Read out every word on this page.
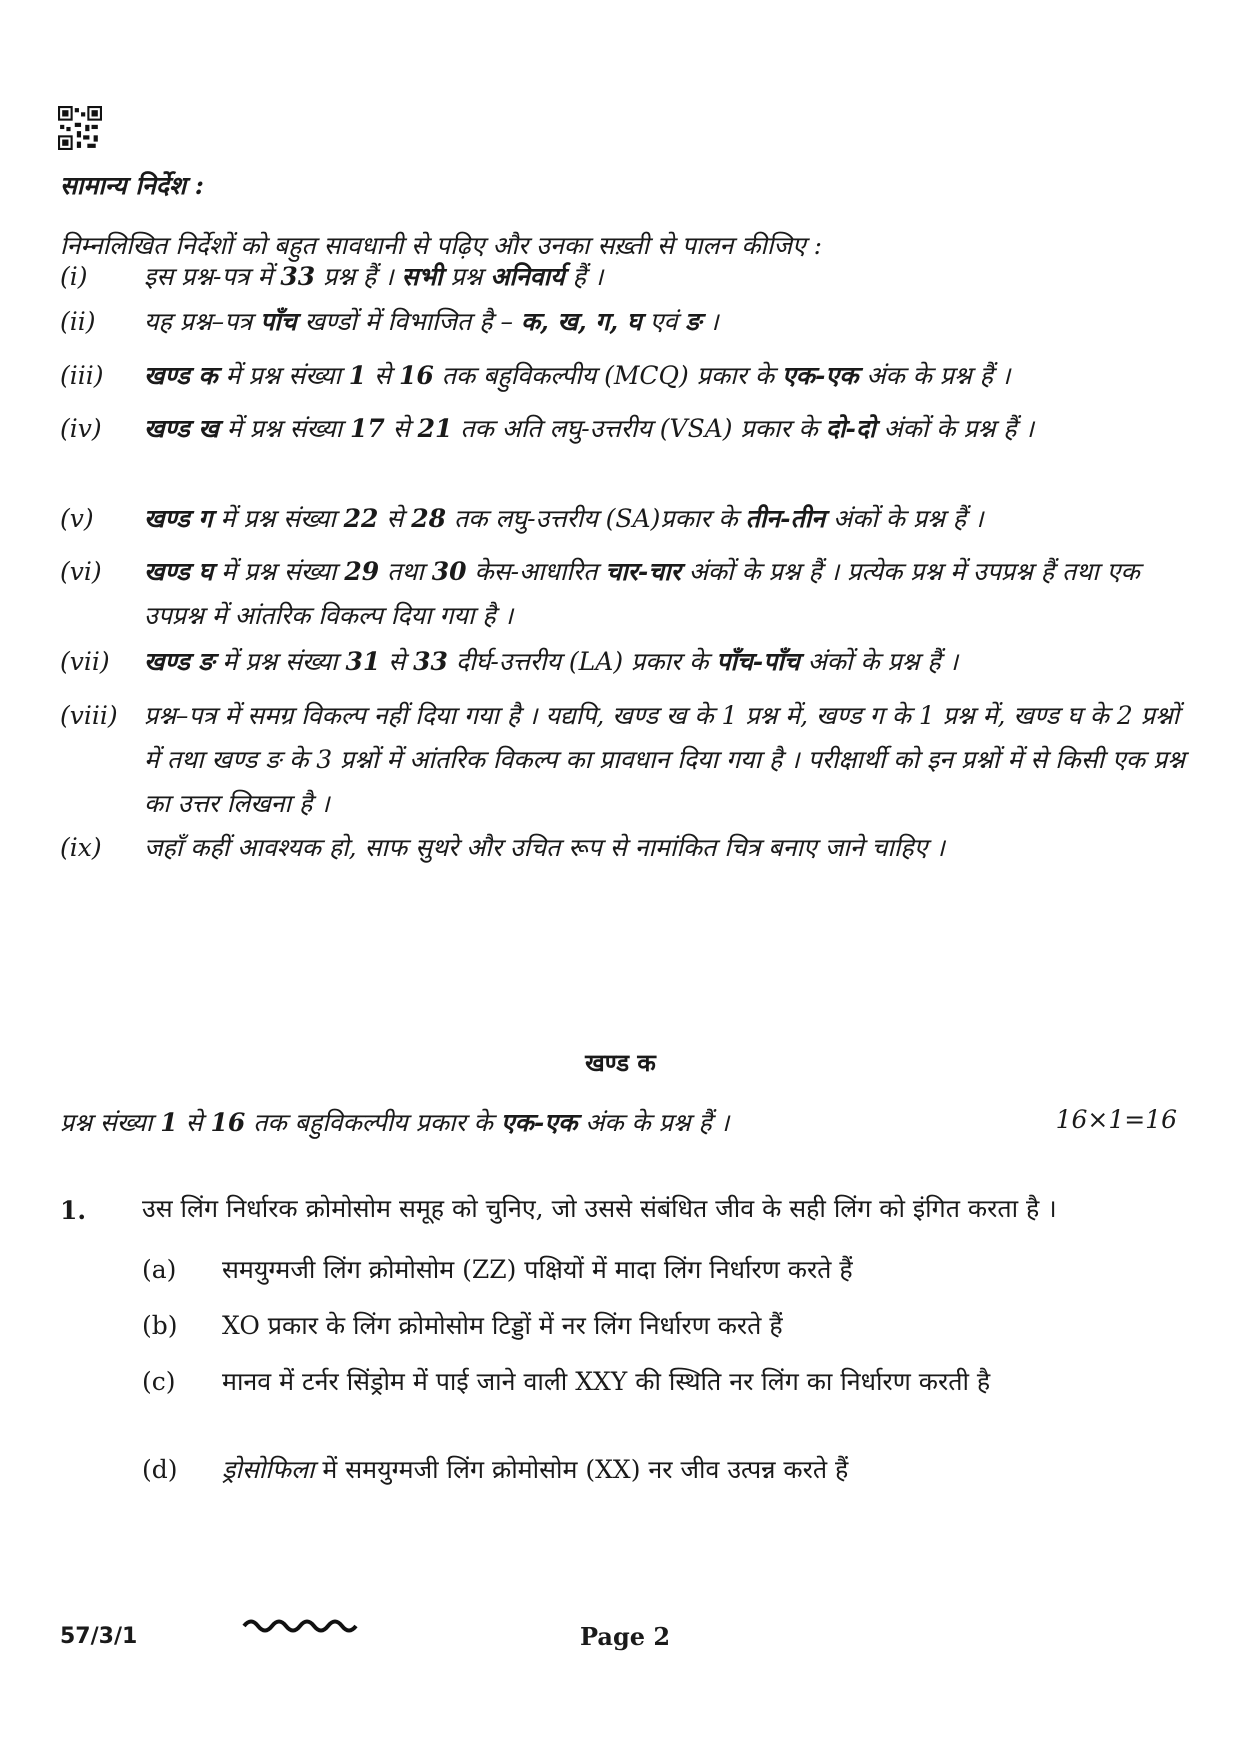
सामान्य निर्देश :
निम्नलिखित निर्देशों को बहुत सावधानी से पढ़िए और उनका सख़्ती से पालन कीजिए :
(i)	इस प्रश्न-पत्र में 33 प्रश्न हैं । सभी प्रश्न अनिवार्य हैं ।
(ii)	यह प्रश्न–पत्र पाँच खण्डों में विभाजित है – क, ख, ग, घ एवं ङ ।
(iii)	खण्ड क में प्रश्न संख्या 1 से 16 तक बहुविकल्पीय (MCQ) प्रकार के एक-एक अंक के प्रश्न हैं ।
(iv)	खण्ड ख में प्रश्न संख्या 17 से 21 तक अति लघु-उत्तरीय (VSA) प्रकार के दो-दो अंकों के प्रश्न हैं ।
(v)	खण्ड ग में प्रश्न संख्या 22 से 28 तक लघु-उत्तरीय (SA)प्रकार के तीन-तीन अंकों के प्रश्न हैं ।
(vi)	खण्ड घ में प्रश्न संख्या 29 तथा 30 केस-आधारित चार-चार अंकों के प्रश्न हैं । प्रत्येक प्रश्न में उपप्रश्न हैं तथा एक उपप्रश्न में आंतरिक विकल्प दिया गया है ।
(vii)	खण्ड ङ में प्रश्न संख्या 31 से 33 दीर्घ-उत्तरीय (LA) प्रकार के पाँच-पाँच अंकों के प्रश्न हैं ।
(viii)	प्रश्न–पत्र में समग्र विकल्प नहीं दिया गया है । यद्यपि, खण्ड ख के 1 प्रश्न में, खण्ड ग के 1 प्रश्न में, खण्ड घ के 2 प्रश्नों में तथा खण्ड ङ के 3 प्रश्नों में आंतरिक विकल्प का प्रावधान दिया गया है । परीक्षार्थी को इन प्रश्नों में से किसी एक प्रश्न का उत्तर लिखना है ।
(ix)	जहाँ कहीं आवश्यक हो, साफ सुथरे और उचित रूप से नामांकित चित्र बनाए जाने चाहिए ।
खण्ड क
प्रश्न संख्या 1 से 16 तक बहुविकल्पीय प्रकार के एक-एक अंक के प्रश्न हैं ।	16×1=16
1. उस लिंग निर्धारक क्रोमोसोम समूह को चुनिए, जो उससे संबंधित जीव के सही लिंग को इंगित करता है ।
(a) समयुग्मजी लिंग क्रोमोसोम (ZZ) पक्षियों में मादा लिंग निर्धारण करते हैं
(b) XO प्रकार के लिंग क्रोमोसोम टिड्डों में नर लिंग निर्धारण करते हैं
(c) मानव में टर्नर सिंड्रोम में पाई जाने वाली XXY की स्थिति नर लिंग का निर्धारण करती है
(d) ड्रोसोफिला में समयुग्मजी लिंग क्रोमोसोम (XX) नर जीव उत्पन्न करते हैं
57/3/1	Page 2
